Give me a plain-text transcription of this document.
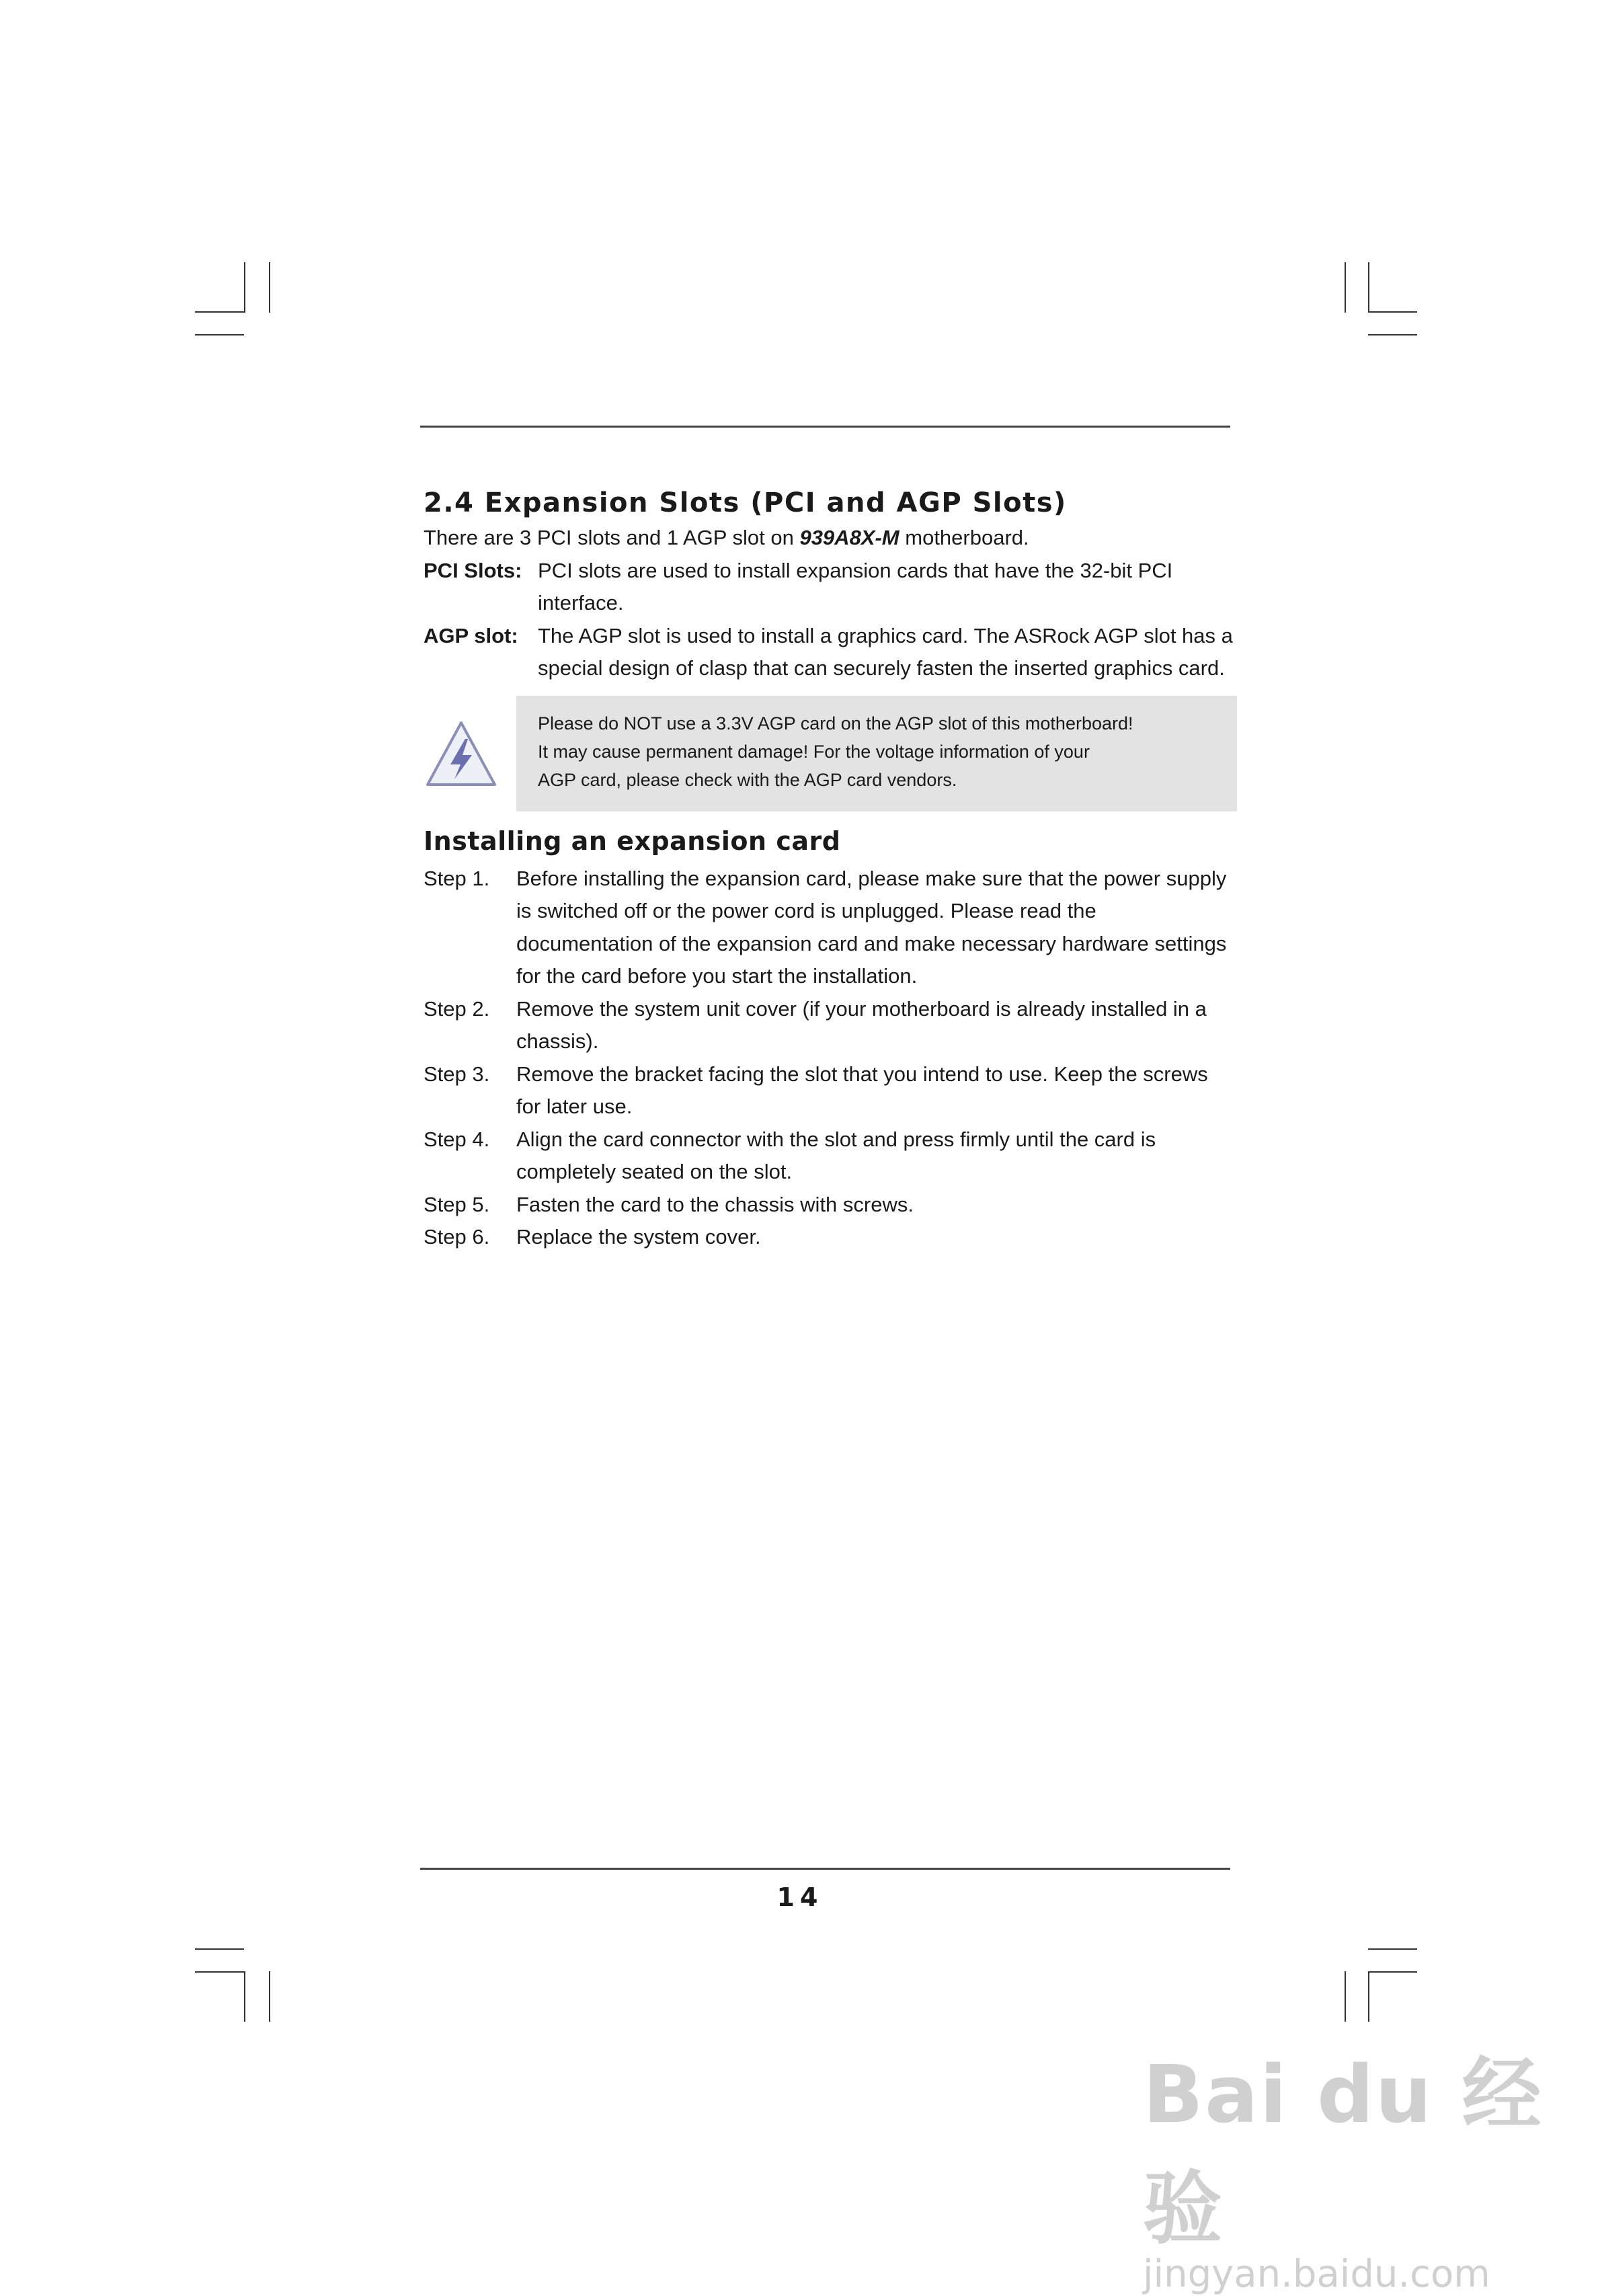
2.4 Expansion Slots (PCI and AGP Slots)

There are 3 PCI slots and 1 AGP slot on 939A8X-M motherboard.

PCI Slots: PCI slots are used to install expansion cards that have the 32-bit PCI interface.
AGP slot: The AGP slot is used to install a graphics card. The ASRock AGP slot has a special design of clasp that can securely fasten the inserted graphics card.
Please do NOT use a 3.3V AGP card on the AGP slot of this motherboard!
It may cause permanent damage! For the voltage information of your
AGP card, please check with the AGP card vendors.
Installing an expansion card
Step 1.	Before installing the expansion card, please make sure that the power supply is switched off or the power cord is unplugged. Please read the documentation of the expansion card and make necessary hardware settings for the card before you start the installation.
Step 2.	Remove the system unit cover (if your motherboard is already installed in a chassis).
Step 3.	Remove the bracket facing the slot that you intend to use. Keep the screws for later use.
Step 4.	Align the card connector with the slot and press firmly until the card is completely seated on the slot.
Step 5.	Fasten the card to the chassis with screws.
Step 6.	Replace the system cover.
14
Bai du 经验
jingyan.baidu.com
